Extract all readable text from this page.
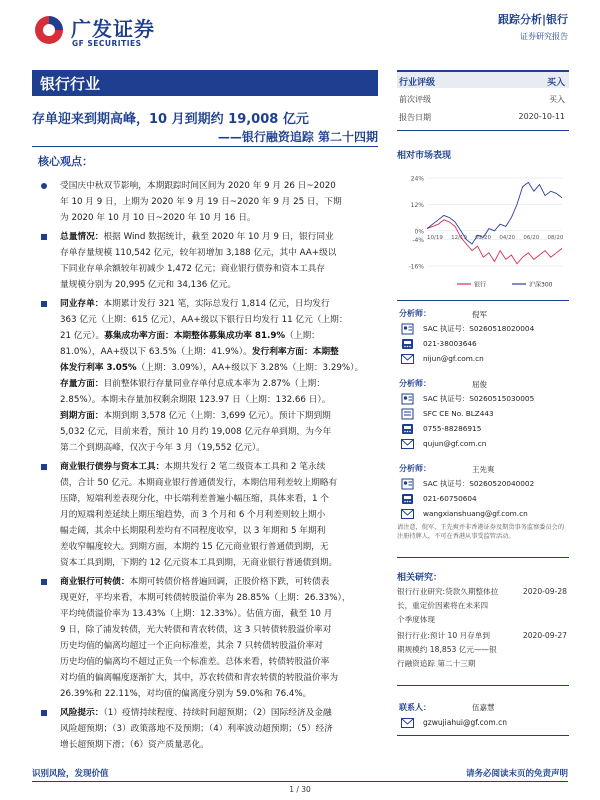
广发证券
GF SECURITIES
跟踪分析|银行
证券研究报告
银行行业
存单迎来到期高峰，10 月到期约 19,008 亿元
——银行融资追踪 第二十四期
核心观点：
受国庆中秋双节影响，本期跟踪时间区间为 2020 年 9 月 26 日~2020
年 10 月 9 日，上期为 2020 年 9 月 19 日~2020 年 9 月 25 日，下期
为 2020 年 10 月 10 日~2020 年 10 月 16 日。
总量情况：根据 Wind 数据统计，截至 2020 年 10 月 9 日，银行同业
存单存量规模 110,542 亿元，较年初增加 3,188 亿元，其中 AA+级以
下同业存单余额较年初减少 1,472 亿元；商业银行债券和资本工具存
量规模分别为 20,995 亿元和 34,136 亿元。
同业存单：本期累计发行 321 笔，实际总发行 1,814 亿元，日均发行
363 亿元（上期：615 亿元），AA+级以下银行日均发行 11 亿元（上期：
21 亿元）。募集成功率方面：本期整体募集成功率 81.9%（上期：
81.0%），AA+级以下 63.5%（上期：41.9%）。发行利率方面：本期整
体发行利率 3.05%（上期：3.09%），AA+级以下 3.28%（上期：3.29%）。
存量方面：目前整体银行存量同业存单付息成本率为 2.87%（上期：
2.85%）。本期未存量加权剩余期限 123.97 日（上期：132.66 日）。
到期方面：本期到期 3,578 亿元（上期：3,699 亿元）。预计下期到期
5,032 亿元，目前来看，预计 10 月约 19,008 亿元存单到期，为今年
第二个到期高峰，仅次于今年 3 月（19,552 亿元）。
商业银行债券与资本工具：本期共发行 2 笔二级资本工具和 2 笔永续
债，合计 50 亿元。本期商业银行普通债发行，本期信用利差较上期略有
压降，短端利差表现分化，中长端利差普遍小幅压缩，具体来看，1 个
月的短端利差延续上期压缩趋势，而 3 个月和 6 个月利差则较上期小
幅走阔，其余中长期限利差均有不同程度收窄，以 3 年期和 5 年期利
差收窄幅度较大。到期方面，本期约 15 亿元商业银行普通债到期，无
资本工具到期，下期约 12 亿元资本工具到期，无商业银行普通债到期。
商业银行可转债：本期可转债价格普遍回调，正股价格下跌，可转债表
现更好，平均来看，本期可转债转股溢价率为 28.85%（上期：26.33%），
平均纯债溢价率为 13.43%（上期：12.33%）。估值方面，截至 10 月
9 日，除了浦发转债，光大转债和青农转债，这 3 只转债转股溢价率对
历史均值的偏离均超过一个正向标准差，其余 7 只转债转股溢价率对
历史均值的偏离均不超过正负一个标准差。总体来看，转债转股溢价率
对均值的偏离幅度逐渐扩大，其中，苏农转债和青农转债的转股溢价率为
26.39%和 22.11%，对均值的偏离度分别为 59.0%和 76.4%。
风险提示：（1）疫情持续程度、持续时间超预期；（2）国际经济及金融
风险超预期；（3）政策落地不及预期；（4）利率波动超预期；（5）经济
增长超预期下滑；（6）资产质量恶化。
行业评级	买入
前次评级	买入
报告日期	2020-10-11
相对市场表现
24%
12%
0%
-4%
-16%
10/19 12/19 02/20 04/20 06/20 08/20
银行	沪深300
分析师：	倪军
SAC 执证号：S0260518020004
021-38003646
nijun@gf.com.cn
分析师：	屈俊
SAC 执证号：S0260515030005
SFC CE No. BLZ443
0755-88286915
qujun@gf.com.cn
分析师：	王先爽
SAC 执证号：S0260520040002
021-60750604
wangxianshuang@gf.com.cn
请注意，倪军，王先爽并非香港证券及期货事务监察委员会的注册持牌人，不可在香港从事受监管活动。
相关研究：
银行行业研究:贷款久期整体拉
长，重定价因素将在未来四
个季度体现
2020-09-28
银行行业:预计 10 月存单到
期规模约 18,853 亿元——银
行融资追踪 第二十三期
2020-09-27
联系人：	伍嘉慧
gzwujiahui@gf.com.cn
识别风险，发现价值	请务必阅读末页的免责声明
1 / 30
